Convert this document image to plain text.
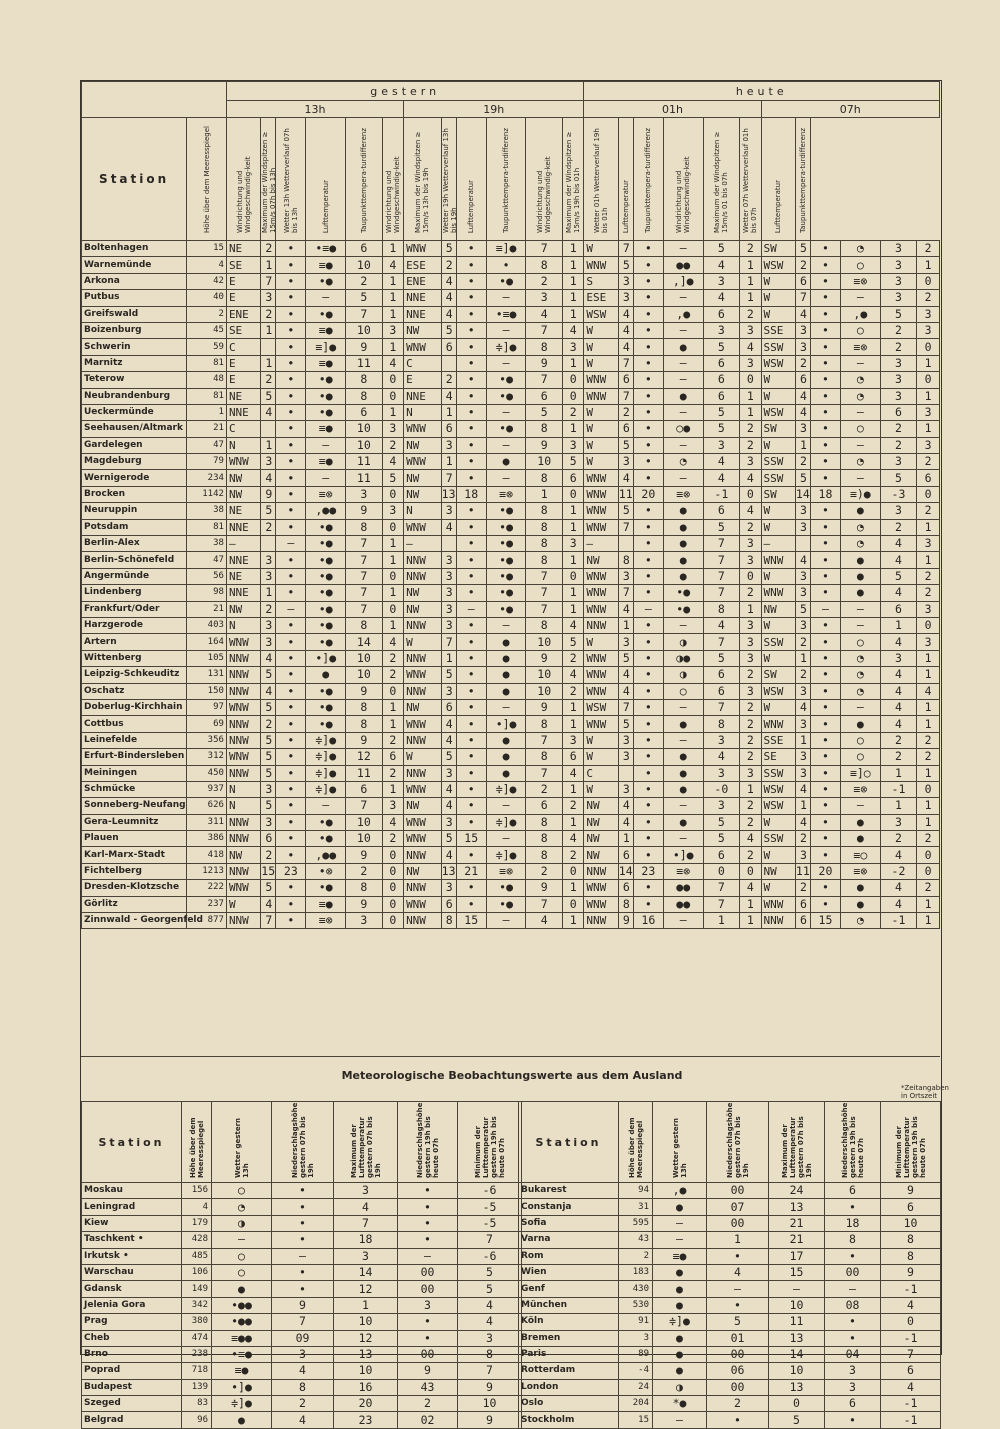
		gestern												heute											
		13h						19h						01h						07h					
Station	Höhe über dem Meeresspiegel	Windrichtung und Windgeschwindig-keit	Maximum der Windspitzen ≥ 15m/s 07h bis 13h	Wetter 13h Wetterverlauf 07h bis 13h	Lufttemperatur	Taupunkttempera-turdifferenz	Windrichtung und Windgeschwindig-keit	Maximum der Windspitzen ≥ 15m/s 13h bis 19h	Wetter 19h Wetterverlauf 13h bis 19h	Lufttemperatur	Taupunkttempera-turdifferenz	Windrichtung und Windgeschwindig-keit	Maximum der Windspitzen ≥ 15m/s 19h bis 01h	Wetter 01h Wetterverlauf 19h bis 01h	Lufttemperatur	Taupunkttempera-turdifferenz	Windrichtung und Windgeschwindig-keit	Maximum der Windspitzen ≥ 15m/s 01 bis 07h	Wetter 07h Wetterverlauf 01h bis 07h	Lufttemperatur	Taupunkttempera-turdifferenz				
Boltenhagen	15	NE	2	•	•≡●	6	1	WNW	5	•	≡]●	7	1	W	7	•	–	5	2	SW	5	•	◔	3	2
Warnemünde	4	SE	1	•	≡●	10	4	ESE	2	•	•	8	1	WNW	5	•	●●	4	1	WSW	2	•	○	3	1
Arkona	42	E	7	•	•●	2	1	ENE	4	•	•●	2	1	S	3	•	,]●	3	1	W	6	•	≡⊗	3	0
Putbus	40	E	3	•	–	5	1	NNE	4	•	–	3	1	ESE	3	•	–	4	1	W	7	•	–	3	2
Greifswald	2	ENE	2	•	•●	7	1	NNE	4	•	•≡●	4	1	WSW	4	•	,●	6	2	W	4	•	,●	5	3
Boizenburg	45	SE	1	•	≡●	10	3	NW	5	•	–	7	4	W	4	•	–	3	3	SSE	3	•	○	2	3
Schwerin	59	C		•	≡]●	9	1	WNW	6	•	≑]●	8	3	W	4	•	●	5	4	SSW	3	•	≡⊗	2	0
Marnitz	81	E	1	•	≡●	11	4	C		•	–	9	1	W	7	•	–	6	3	WSW	2	•	–	3	1
Teterow	48	E	2	•	•●	8	0	E	2	•	•●	7	0	WNW	6	•	–	6	0	W	6	•	◔	3	0
Neubrandenburg	81	NE	5	•	•●	8	0	NNE	4	•	•●	6	0	WNW	7	•	●	6	1	W	4	•	◔	3	1
Ueckermünde	1	NNE	4	•	•●	6	1	N	1	•	–	5	2	W	2	•	–	5	1	WSW	4	•	–	6	3
Seehausen/Altmark	21	C		•	≡●	10	3	WNW	6	•	•●	8	1	W	6	•	○●	5	2	SW	3	•	○	2	1
Gardelegen	47	N	1	•	–	10	2	NW	3	•	–	9	3	W	5	•	–	3	2	W	1	•	–	2	3
Magdeburg	79	WNW	3	•	≡●	11	4	WNW	1	•	●	10	5	W	3	•	◔	4	3	SSW	2	•	◔	3	2
Wernigerode	234	NW	4	•	–	11	5	NW	7	•	–	8	6	WNW	4	•	–	4	4	SSW	5	•	–	5	6
Brocken	1142	NW	9	•	≡⊗	3	0	NW	13	18	≡⊗	1	0	WNW	11	20	≡⊗	-1	0	SW	14	18	≡)●	-3	0
Neuruppin	38	NE	5	•	,●●	9	3	N	3	•	•●	8	1	WNW	5	•	●	6	4	W	3	•	●	3	2
Potsdam	81	NNE	2	•	•●	8	0	WNW	4	•	•●	8	1	WNW	7	•	●	5	2	W	3	•	◔	2	1
Berlin-Alex	38	–		–	•●	7	1	–		•	•●	8	3	–		•	●	7	3	–		•	◔	4	3
Berlin-Schönefeld	47	NNE	3	•	•●	7	1	NNW	3	•	•●	8	1	NW	8	•	●	7	3	WNW	4	•	●	4	1
Angermünde	56	NE	3	•	•●	7	0	NNW	3	•	•●	7	0	WNW	3	•	●	7	0	W	3	•	●	5	2
Lindenberg	98	NNE	1	•	•●	7	1	NW	3	•	•●	7	1	WNW	7	•	•●	7	2	WNW	3	•	●	4	2
Frankfurt/Oder	21	NW	2	–	•●	7	0	NW	3	–	•●	7	1	WNW	4	–	•●	8	1	NW	5	–	–	6	3
Harzgerode	403	N	3	•	•●	8	1	NNW	3	•	–	8	4	NNW	1	•	–	4	3	W	3	•	–	1	0
Artern	164	WNW	3	•	•●	14	4	W	7	•	●	10	5	W	3	•	◑	7	3	SSW	2	•	○	4	3
Wittenberg	105	NNW	4	•	•]●	10	2	NNW	1	•	●	9	2	WNW	5	•	◑●	5	3	W	1	•	◔	3	1
Leipzig-Schkeuditz	131	NNW	5	•	●	10	2	WNW	5	•	●	10	4	WNW	4	•	◑	6	2	SW	2	•	◔	4	1
Oschatz	150	NNW	4	•	•●	9	0	NNW	3	•	●	10	2	WNW	4	•	○	6	3	WSW	3	•	◔	4	4
Doberlug-Kirchhain	97	WNW	5	•	•●	8	1	NW	6	•	–	9	1	WSW	7	•	–	7	2	W	4	•	–	4	1
Cottbus	69	NNW	2	•	•●	8	1	WNW	4	•	•]●	8	1	WNW	5	•	●	8	2	WNW	3	•	●	4	1
Leinefelde	356	NNW	5	•	≑]●	9	2	NNW	4	•	●	7	3	W	3	•	–	3	2	SSE	1	•	○	2	2
Erfurt-Bindersleben	312	WNW	5	•	≑]●	12	6	W	5	•	●	8	6	W	3	•	●	4	2	SE	3	•	○	2	2
Meiningen	450	NNW	5	•	≑]●	11	2	NNW	3	•	●	7	4	C		•	●	3	3	SSW	3	•	≡]○	1	1
Schmücke	937	N	3	•	≑]●	6	1	WNW	4	•	≑]●	2	1	W	3	•	●	-0	1	WSW	4	•	≡⊗	-1	0
Sonneberg-Neufang	626	N	5	•	–	7	3	NW	4	•	–	6	2	NW	4	•	–	3	2	WSW	1	•	–	1	1
Gera-Leumnitz	311	NNW	3	•	•●	10	4	WNW	3	•	≑]●	8	1	NW	4	•	●	5	2	W	4	•	●	3	1
Plauen	386	NNW	6	•	•●	10	2	WNW	5	15	–	8	4	NW	1	•	–	5	4	SSW	2	•	●	2	2
Karl-Marx-Stadt	418	NW	2	•	,●●	9	0	NNW	4	•	≑]●	8	2	NW	6	•	•]●	6	2	W	3	•	≡○	4	0
Fichtelberg	1213	NNW	15	23	•⊗	2	0	NW	13	21	≡⊗	2	0	NNW	14	23	≡⊗	0	0	NW	11	20	≡⊗	-2	0
Dresden-Klotzsche	222	WNW	5	•	•●	8	0	NNW	3	•	•●	9	1	WNW	6	•	●●	7	4	W	2	•	●	4	2
Görlitz	237	W	4	•	≡●	9	0	WNW	6	•	•●	7	0	WNW	8	•	●●	7	1	WNW	6	•	●	4	1
Zinnwald - Georgenfeld	877	NNW	7	•	≡⊗	3	0	NNW	8	15	–	4	1	NNW	9	16	–	1	1	NNW	6	15	◔	-1	1
Meteorologische Beobachtungswerte aus dem Ausland
*Zeitangaben in Ortszeit
Station	Höhe über dem Meeresspiegel	Wetter gestern 13h	Niederschlagshöhe gestern 07h bis 19h	Maximum der Lufttemperatur gestern 07h bis 19h	Niederschlagshöhe gestern 19h bis heute 07h	Minimum der Lufttemperatur gestern 19h bis heute 07h
Moskau	156	○	•	3	•	-6
Leningrad	4	◔	•	4	•	-5
Kiew	179	◑	•	7	•	-5
Taschkent •	428	–	•	18	•	7
Irkutsk •	485	○	–	3	–	-6
Warschau	106	○	•	14	00	5
Gdansk	149	●	•	12	00	5
Jelenia Gora	342	•●●	9	1	3	4
Prag	380	•●●	7	10	•	4
Cheb	474	≡●●	09	12	•	3
Brno	238	•≡●	3	13	00	8
Poprad	718	≡●	4	10	9	7
Budapest	139	•]●	8	16	43	9
Szeged	83	≑]●	2	20	2	10
Belgrad	96	●	4	23	02	9
Station	Höhe über dem Meeresspiegel	Wetter gestern 13h	Niederschlagshöhe gestern 07h bis 19h	Maximum der Lufttemperatur gestern 07h bis 19h	Niederschlagshöhe gestern 19h bis heute 07h	Minimum der Lufttemperatur gestern 19h bis heute 07h
Bukarest	94	,●	00	24	6	9
Constanja	31	●	07	13	•	6
Sofia	595	–	00	21	18	10
Varna	43	–	1	21	8	8
Rom	2	≡●	•	17	•	8
Wien	183	●	4	15	00	9
Genf	430	●	–	–	–	-1
München	530	●	•	10	08	4
Köln	91	≑]●	5	11	•	0
Bremen	3	●	01	13	•	-1
Paris	89	●	00	14	04	7
Rotterdam	-4	●	06	10	3	6
London	24	◑	00	13	3	4
Oslo	204	*●	2	0	6	-1
Stockholm	15	–	•	5	•	-1
